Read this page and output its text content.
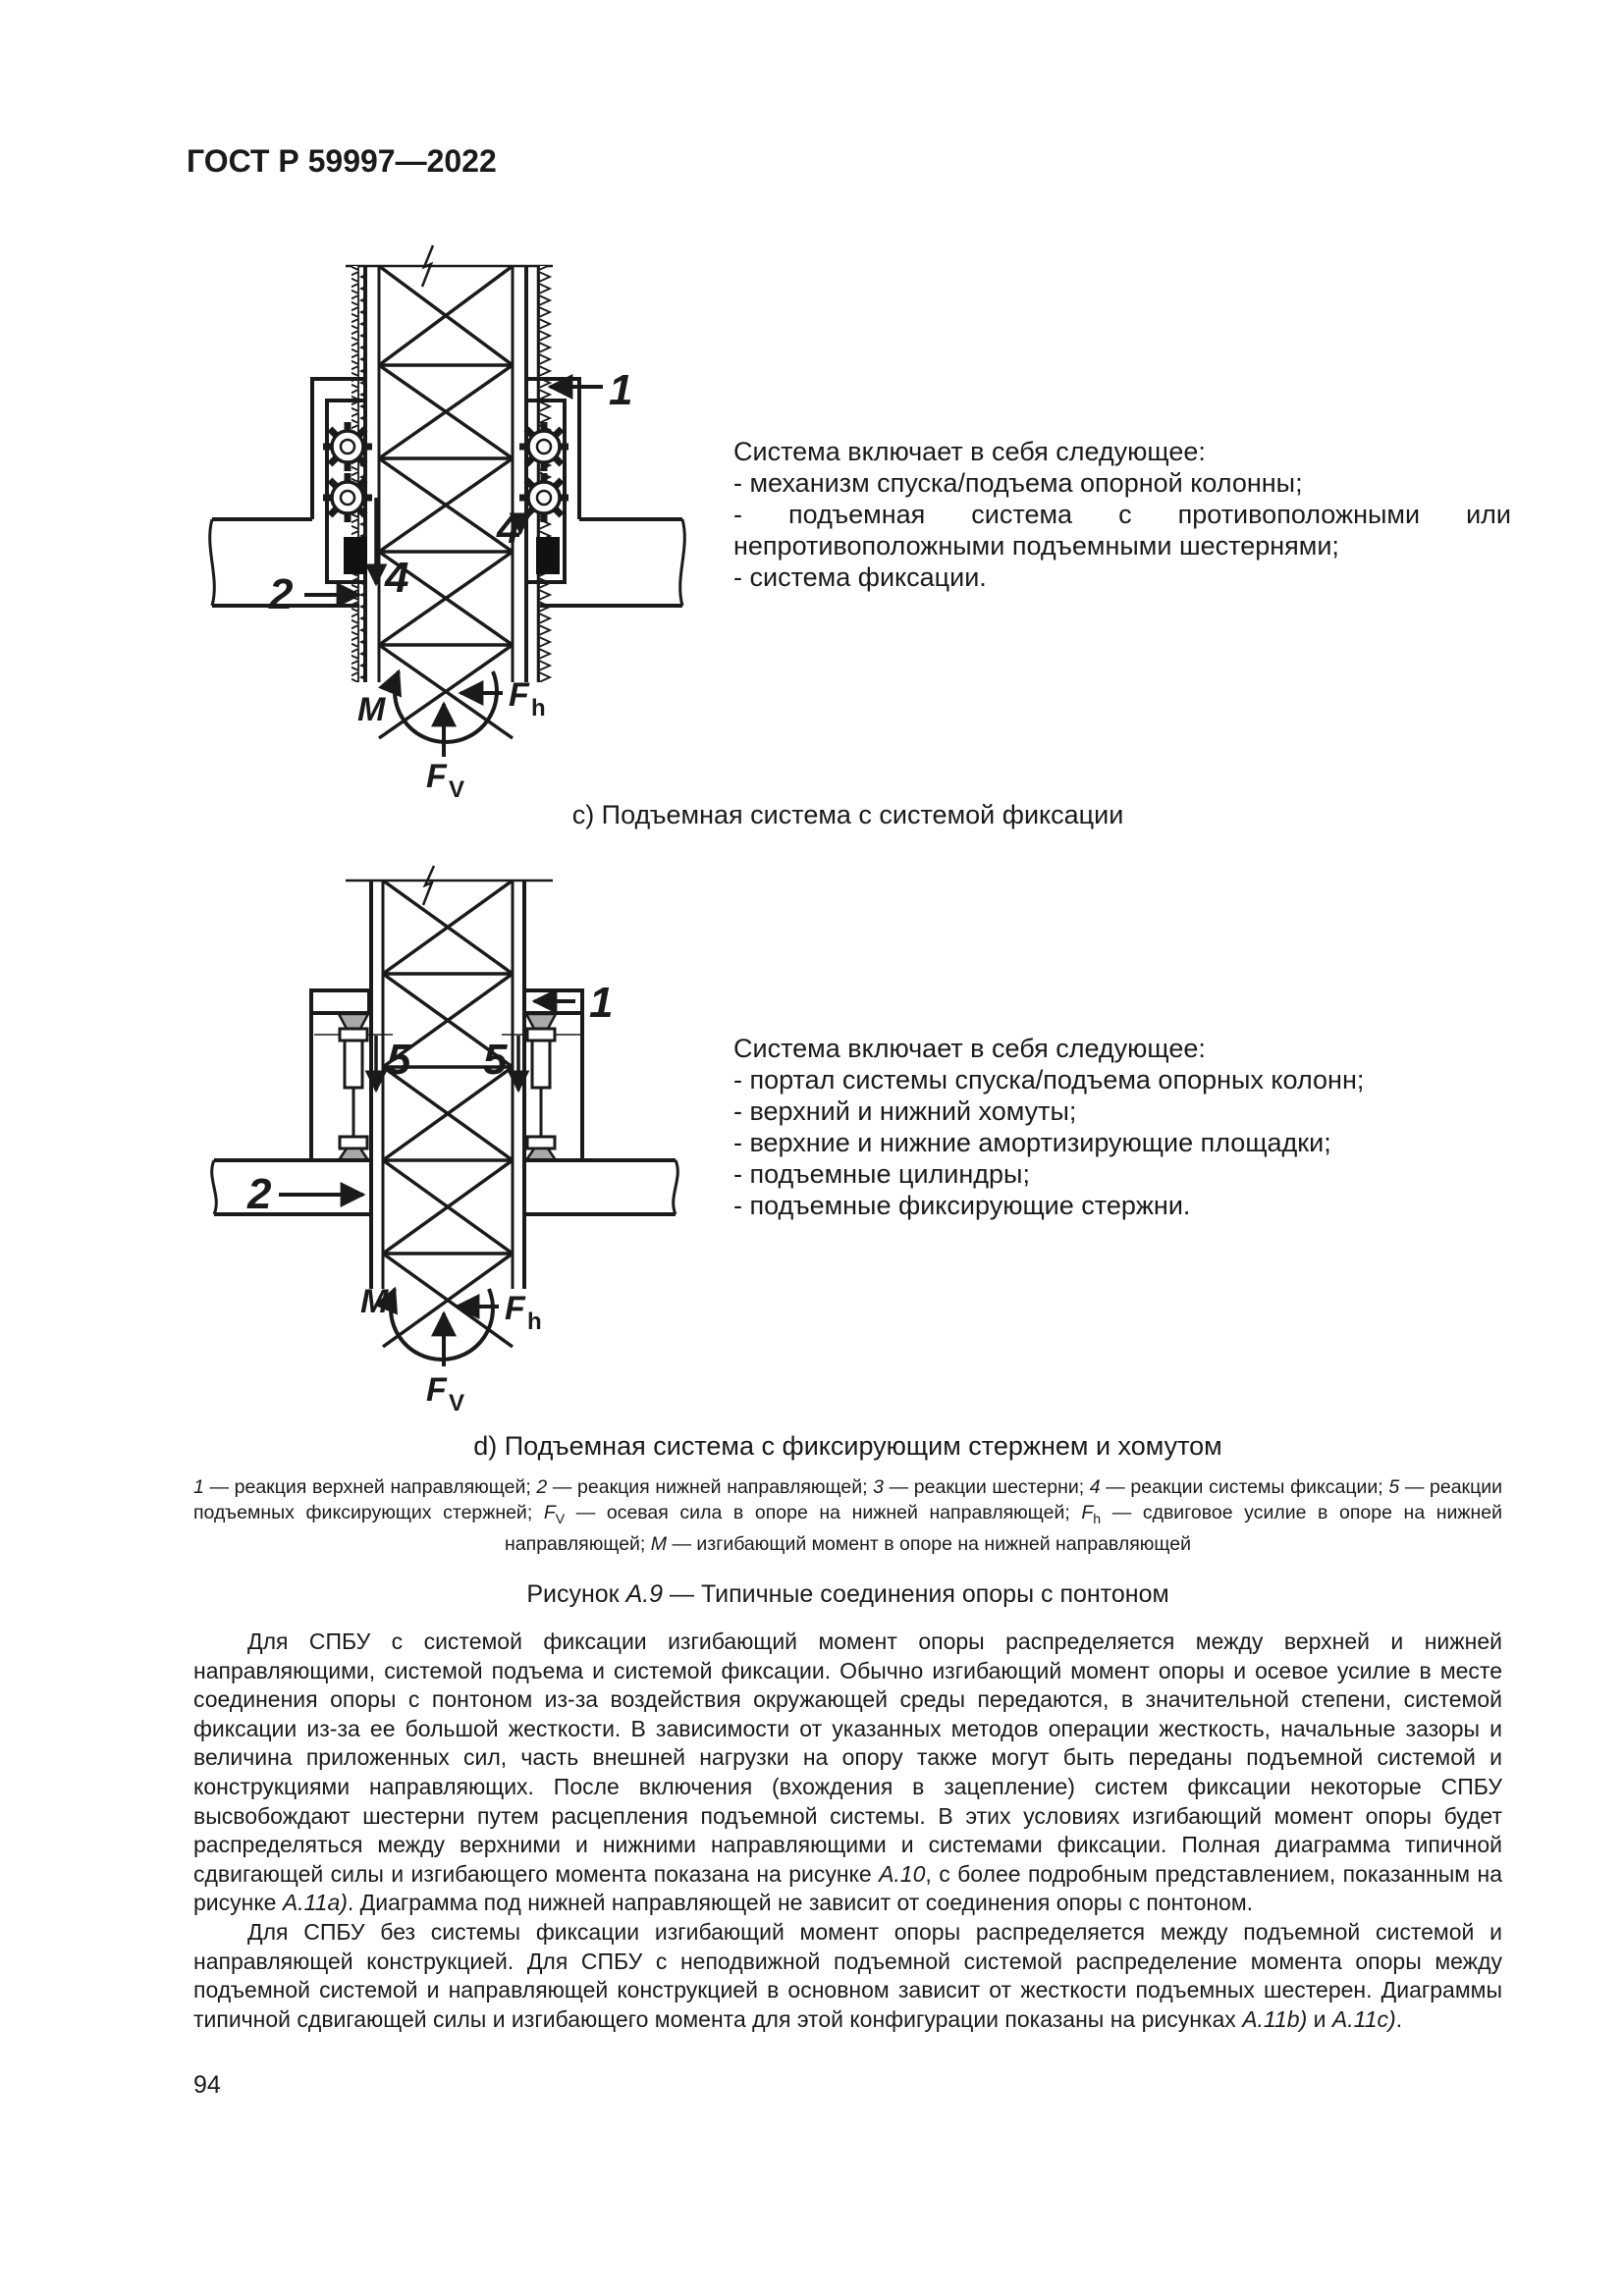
ГОСТ Р 59997—2022
1
2 4
4
M	F h
F V
Система включает в себя следующее:
- механизм спуска/подъема опорной колонны;
- подъемная система с противоположными или непротивоположными подъемными шестернями;
- система фиксации.
c) Подъемная система с системой фиксации
1
2
5 5
M	F h
F V
Система включает в себя следующее:
- портал системы спуска/подъема опорных колонн;
- верхний и нижний хомуты;
- верхние и нижние амортизирующие площадки;
- подъемные цилиндры;
- подъемные фиксирующие стержни.
d) Подъемная система с фиксирующим стержнем и хомутом
1 — реакция верхней направляющей; 2 — реакция нижней направляющей; 3 — реакции шестерни; 4 — реакции системы фиксации; 5 — реакции подъемных фиксирующих стержней; $F_V$ — осевая сила в опоре на нижней направляющей; $F_h$ — сдвиговое усилие в опоре на нижней направляющей; M — изгибающий момент в опоре на нижней направляющей
Рисунок А.9 — Типичные соединения опоры с понтоном

Для СПБУ с системой фиксации изгибающий момент опоры распределяется между верхней и нижней направляющими, системой подъема и системой фиксации. Обычно изгибающий момент опоры и осевое усилие в месте соединения опоры с понтоном из-за воздействия окружающей среды передаются, в значительной степени, системой фиксации из-за ее большой жесткости. В зависимости от указанных методов операции жесткость, начальные зазоры и величина приложенных сил, часть внешней нагрузки на опору также могут быть переданы подъемной системой и конструкциями направляющих. После включения (вхождения в зацепление) систем фиксации некоторые СПБУ высвобождают шестерни путем расцепления подъемной системы. В этих условиях изгибающий момент опоры будет распределяться между верхними и нижними направляющими и системами фиксации. Полная диаграмма типичной сдвигающей силы и изгибающего момента показана на рисунке А.10, с более подробным представлением, показанным на рисунке А.11а). Диаграмма под нижней направляющей не зависит от соединения опоры с понтоном.

Для СПБУ без системы фиксации изгибающий момент опоры распределяется между подъемной системой и направляющей конструкцией. Для СПБУ с неподвижной подъемной системой распределение момента опоры между подъемной системой и направляющей конструкцией в основном зависит от жесткости подъемных шестерен. Диаграммы типичной сдвигающей силы и изгибающего момента для этой конфигурации показаны на рисунках А.11b) и А.11с).

94
